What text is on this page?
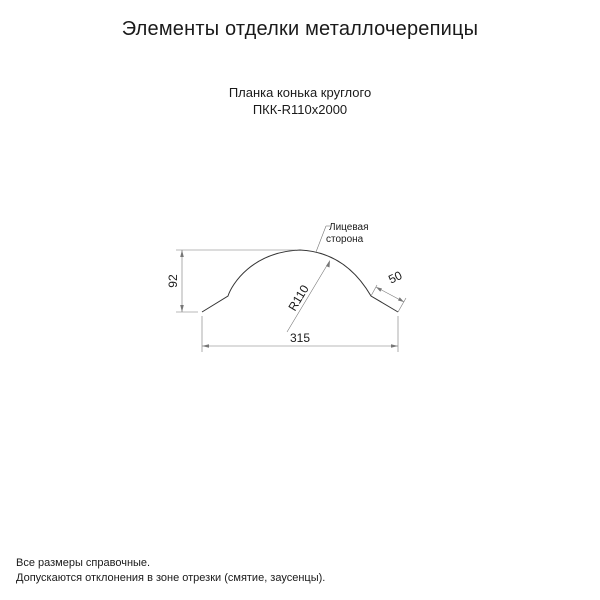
Элементы отделки металлочерепицы
Планка конька круглого
ПКК-R110х2000
92
315
R110
Лицевая
сторона
50
Все размеры справочные.
Допускаются отклонения в зоне отрезки (смятие, заусенцы).
